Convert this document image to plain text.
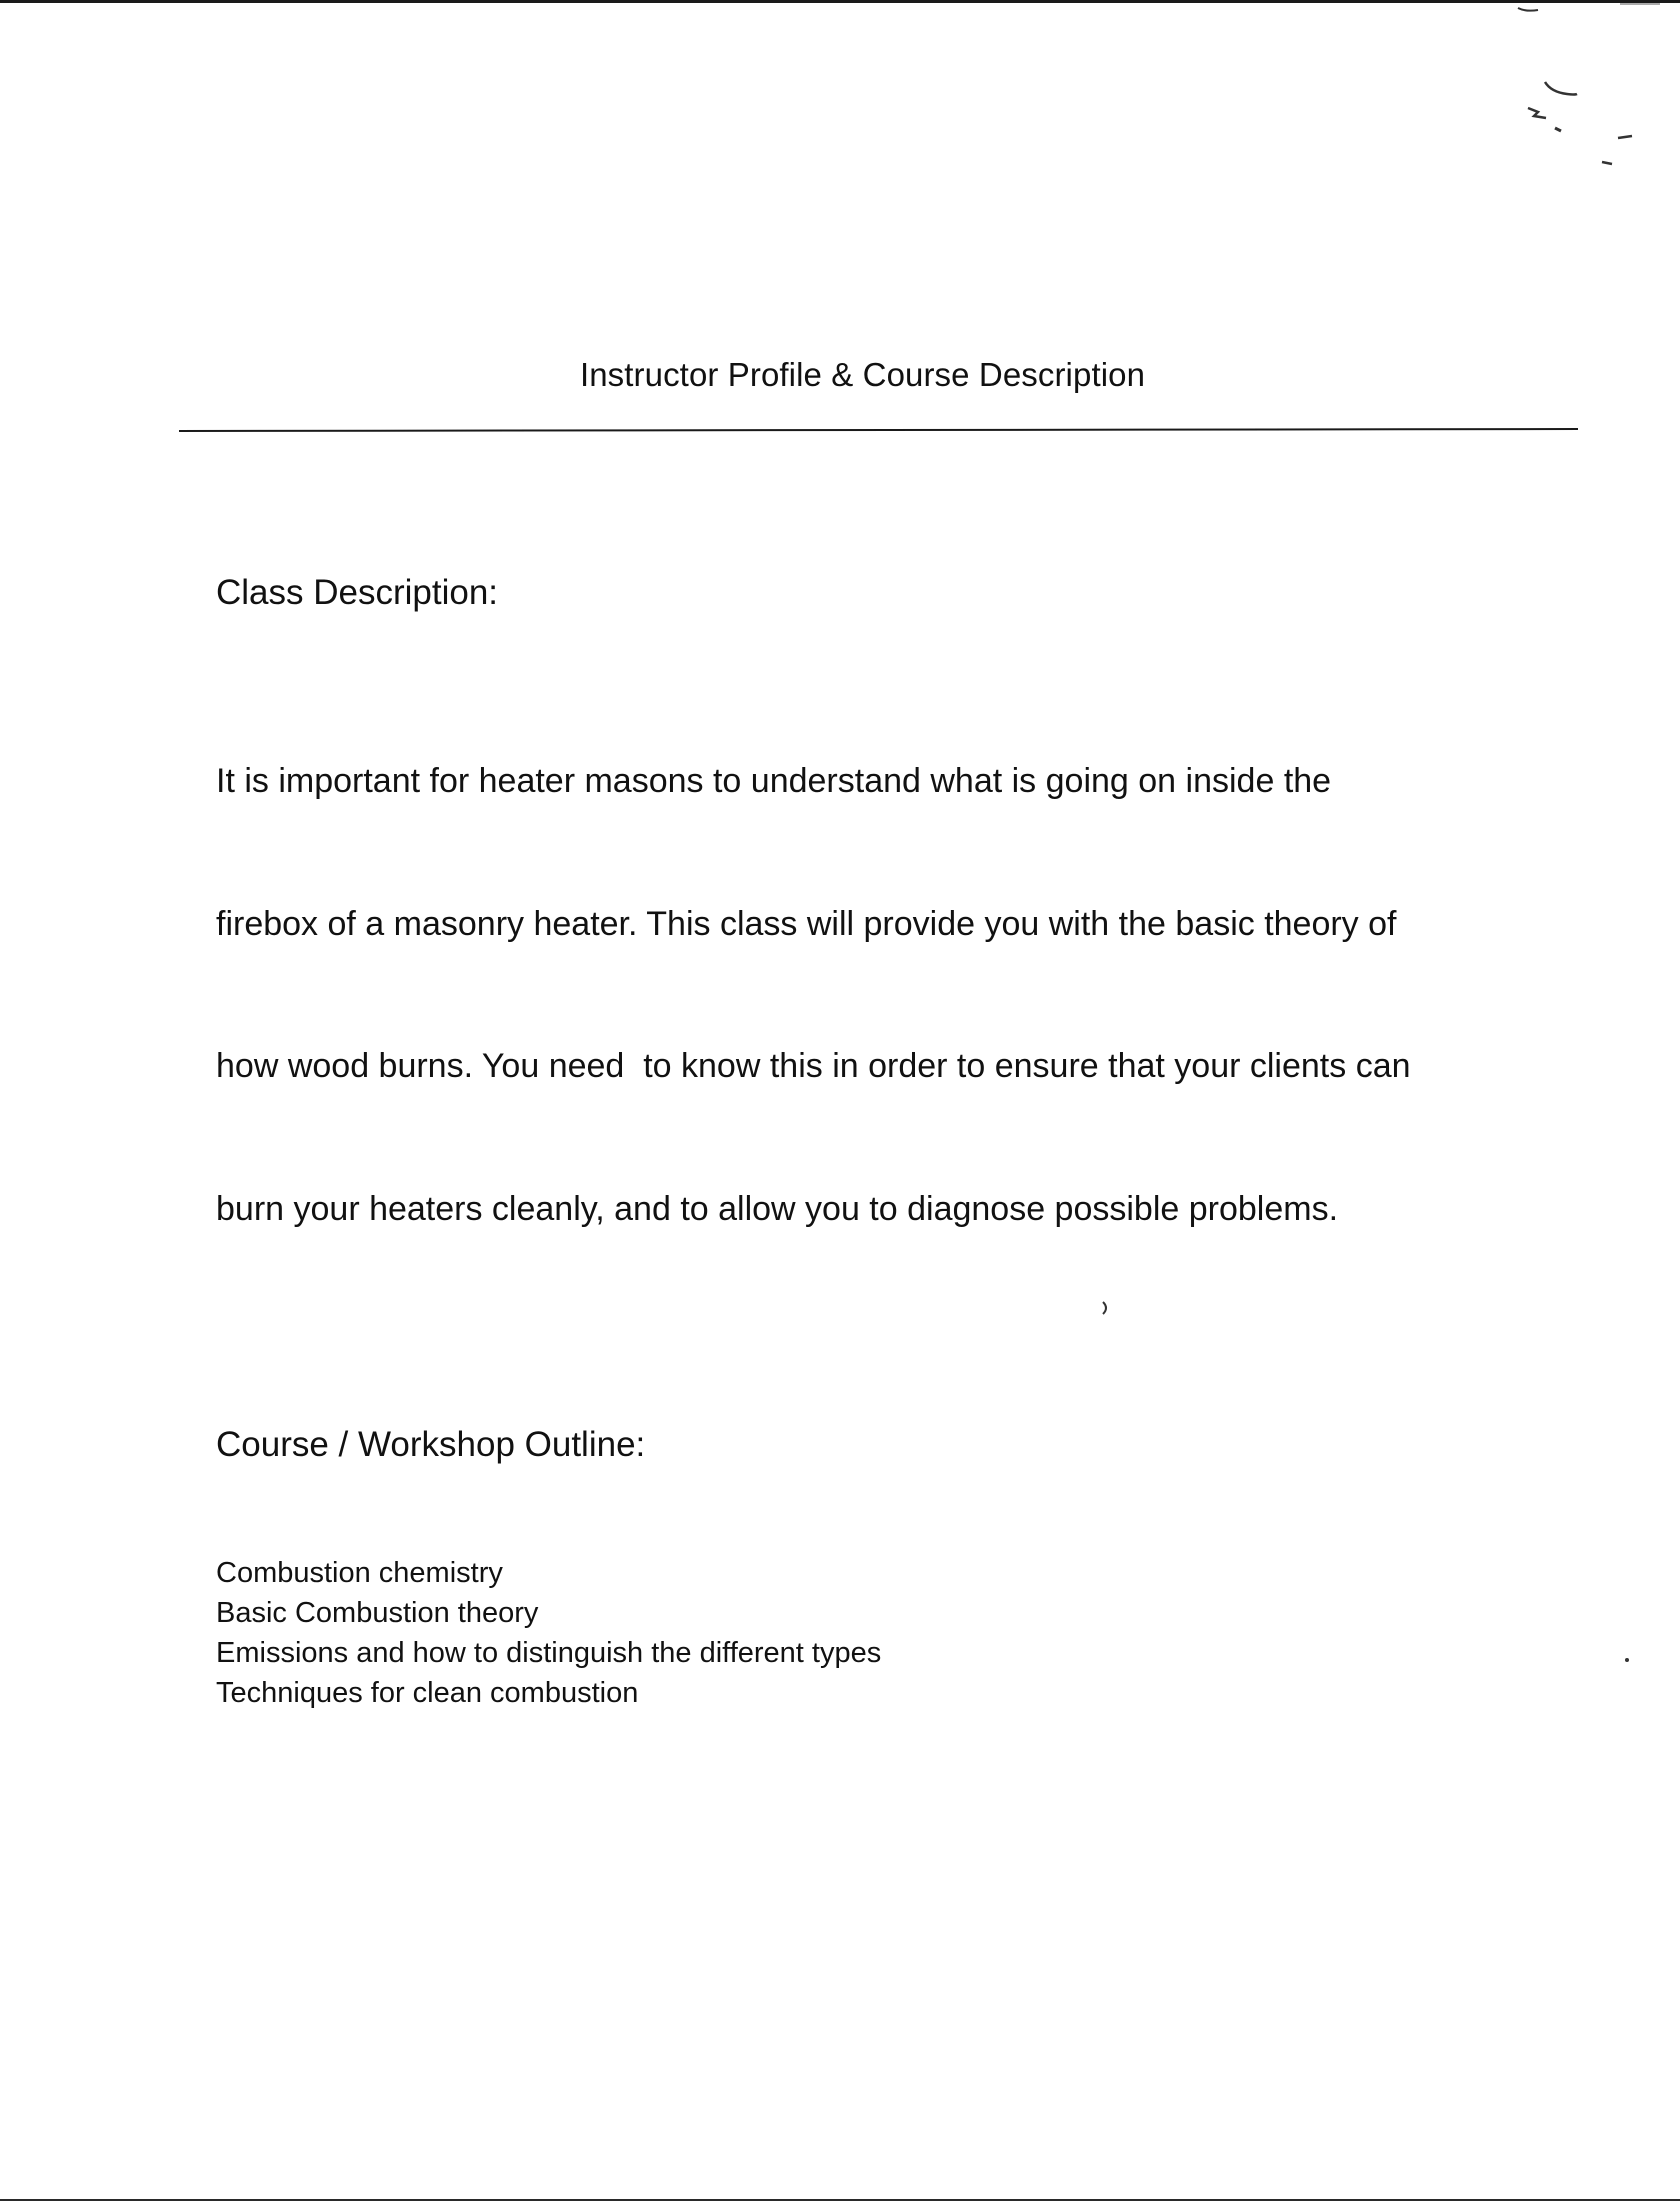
Instructor Profile & Course Description
Class Description:

It is important for heater masons to understand what is going on inside the

firebox of a masonry heater. This class will provide you with the basic theory of

how wood burns. You need  to know this in order to ensure that your clients can

burn your heaters cleanly, and to allow you to diagnose possible problems.

Course / Workshop Outline:
Combustion chemistry
Basic Combustion theory
Emissions and how to distinguish the different types
Techniques for clean combustion
